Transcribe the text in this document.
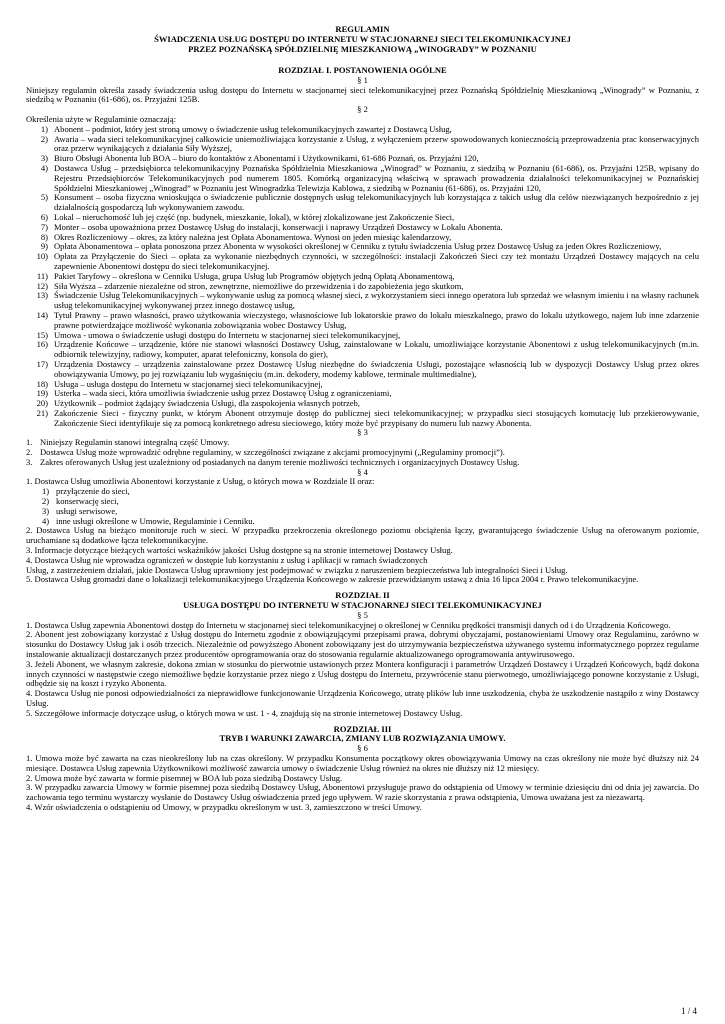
REGULAMIN
ŚWIADCZENIA USŁUG DOSTĘPU DO INTERNETU W STACJONARNEJ SIECI TELEKOMUNIKACYJNEJ
PRZEZ POZNAŃSKĄ SPÓŁDZIELNIĘ MIESZKANIOWĄ „WINOGRADY” W POZNANIU
ROZDZIAŁ I. POSTANOWIENIA OGÓLNE
§ 1
Niniejszy regulamin określa zasady świadczenia usług dostępu do Internetu w stacjonarnej sieci telekomunikacyjnej przez Poznańską Spółdzielnię Mieszkaniową „Winogrady” w Poznaniu, z siedzibą w Poznaniu (61-686), os. Przyjaźni 125B.
§ 2
Określenia użyte w Regulaminie oznaczają:
1) Abonent – podmiot, który jest stroną umowy o świadczenie usług telekomunikacyjnych zawartej z Dostawcą Usług,
2) Awaria – wada sieci telekomunikacyjnej całkowicie uniemożliwiająca korzystanie z Usług, z wyłączeniem przerw spowodowanych koniecznością przeprowadzenia prac konserwacyjnych oraz przerw wynikających z działania Siły Wyższej,
3) Biuro Obsługi Abonenta lub BOA – biuro do kontaktów z Abonentami i Użytkownikami, 61-686 Poznań, os. Przyjaźni 120,
4) Dostawca Usług – przedsiębiorca telekomunikacyjny Poznańska Spółdzielnia Mieszkaniowa „Winograd” w Poznaniu, z siedzibą w Poznaniu (61-686), os. Przyjaźni 125B, wpisany do Rejestru Przedsiębiorców Telekomunikacyjnych pod numerem 1805. Komórką organizacyjną właściwą w sprawach prowadzenia działalności telekomunikacyjnej w Poznańskiej Spółdzielni Mieszkaniowej „Winograd” w Poznaniu jest Winogradzka Telewizja Kablowa, z siedzibą w Poznaniu (61-686), os. Przyjaźni 120,
5) Konsument – osoba fizyczna wnioskująca o świadczenie publicznie dostępnych usług telekomunikacyjnych lub korzystająca z takich usług dla celów niezwiązanych bezpośrednio z jej działalnością gospodarczą lub wykonywaniem zawodu.
6) Lokal – nieruchomość lub jej część (np. budynek, mieszkanie, lokal), w której zlokalizowane jest Zakończenie Sieci,
7) Monter – osoba upoważniona przez Dostawcę Usług do instalacji, konserwacji i naprawy Urządzeń Dostawcy w Lokalu Abonenta.
8) Okres Rozliczeniowy – okres, za który należna jest Opłata Abonamentowa. Wynosi on jeden miesiąc kalendarzowy,
9) Opłata Abonamentowa – opłata ponoszona przez Abonenta w wysokości określonej w Cenniku z tytułu świadczenia Usług przez Dostawcę Usług za jeden Okres Rozliczeniowy,
10) Opłata za Przyłączenie do Sieci – opłata za wykonanie niezbędnych czynności, w szczególności: instalacji Zakończeń Sieci czy też montażu Urządzeń Dostawcy mających na celu zapewnienie Abonentowi dostępu do sieci telekomunikacyjnej.
11) Pakiet Taryfowy – określona w Cenniku Usługa, grupa Usług lub Programów objętych jedną Opłatą Abonamentową,
12) Siła Wyższa – zdarzenie niezależne od stron, zewnętrzne, niemożliwe do przewidzenia i do zapobieżenia jego skutkom,
13) Świadczenie Usług Telekomunikacyjnych – wykonywanie usług za pomocą własnej sieci, z wykorzystaniem sieci innego operatora lub sprzedaż we własnym imieniu i na własny rachunek usług telekomunikacyjnej wykonywanej przez innego dostawcę usług,
14) Tytuł Prawny – prawo własności, prawo użytkowania wieczystego, własnościowe lub lokatorskie prawo do lokalu mieszkalnego, prawo do lokalu użytkowego, najem lub inne zdarzenie prawne potwierdzające możliwość wykonania zobowiązania wobec Dostawcy Usług,
15) Umowa - umowa o świadczenie usługi dostępu do Internetu w stacjonarnej sieci telekomunikacyjnej,
16) Urządzenie Końcowe – urządzenie, które nie stanowi własności Dostawcy Usług, zainstalowane w Lokalu, umożliwiające korzystanie Abonentowi z usług telekomunikacyjnych (m.in. odbiornik telewizyjny, radiowy, komputer, aparat telefoniczny, konsola do gier),
17) Urządzenia Dostawcy – urządzenia zainstalowane przez Dostawcę Usług niezbędne do świadczenia Usługi, pozostające własnością lub w dyspozycji Dostawcy Usług przez okres obowiązywania Umowy, po jej rozwiązaniu lub wygaśnięciu (m.in. dekodery, modemy kablowe, terminale multimedialne),
18) Usługa – usługa dostępu do Internetu w stacjonarnej sieci telekomunikacyjnej,
19) Usterka – wada sieci, która umożliwia świadczenie usług przez Dostawcę Usług z ograniczeniami,
20) Użytkownik – podmiot żądający świadczenia Usługi, dla zaspokojenia własnych potrzeb,
21) Zakończenie Sieci - fizyczny punkt, w którym Abonent otrzymuje dostęp do publicznej sieci telekomunikacyjnej; w przypadku sieci stosujących komutację lub przekierowywanie, Zakończenie Sieci identyfikuje się za pomocą konkretnego adresu sieciowego, który może być przypisany do numeru lub nazwy Abonenta.
§ 3
1. Niniejszy Regulamin stanowi integralną część Umowy.
2. Dostawca Usług może wprowadzić odrębne regulaminy, w szczególności związane z akcjami promocyjnymi („Regulaminy promocji”).
3. Zakres oferowanych Usług jest uzależniony od posiadanych na danym terenie możliwości technicznych i organizacyjnych Dostawcy Usług.
§ 4
1. Dostawca Usług umożliwia Abonentowi korzystanie z Usług, o których mowa w Rozdziale II oraz:
1) przyłączenie do sieci,
2) konserwację sieci,
3) usługi serwisowe,
4) inne usługi określone w Umowie, Regulaminie i Cenniku.
2. Dostawca Usług na bieżąco monitoruje ruch w sieci. W przypadku przekroczenia określonego poziomu obciążenia łączy, gwarantującego świadczenie Usług na oferowanym poziomie, uruchamiane są dodatkowe łącza telekomunikacyjne.
3. Informacje dotyczące bieżących wartości wskaźników jakości Usług dostępne są na stronie internetowej Dostawcy Usług.
4. Dostawca Usług nie wprowadza ograniczeń w dostępie lub korzystaniu z usług i aplikacji w ramach świadczonych
Usług, z zastrzeżeniem działań, jakie Dostawca Usług uprawniony jest podejmować w związku z naruszeniem bezpieczeństwa lub integralności Sieci i Usług.
5. Dostawca Usług gromadzi dane o lokalizacji telekomunikacyjnego Urządzenia Końcowego w zakresie przewidzianym ustawą z dnia 16 lipca 2004 r. Prawo telekomunikacyjne.
ROZDZIAŁ II
USŁUGA DOSTĘPU DO INTERNETU W STACJONARNEJ SIECI TELEKOMUNIKACYJNEJ
§ 5
1. Dostawca Usług zapewnia Abonentowi dostęp do Internetu w stacjonarnej sieci telekomunikacyjnej o określonej w Cenniku prędkości transmisji danych od i do Urządzenia Końcowego.
2. Abonent jest zobowiązany korzystać z Usług dostępu do Internetu zgodnie z obowiązującymi przepisami prawa, dobrymi obyczajami, postanowieniami Umowy oraz Regulaminu, zarówno w stosunku do Dostawcy Usług jak i osób trzecich. Niezależnie od powyższego Abonent zobowiązany jest do utrzymywania bezpieczeństwa używanego systemu informatycznego poprzez regularne instalowanie aktualizacji dostarczanych przez producentów oprogramowania oraz do stosowania regularnie aktualizowanego oprogramowania antywirusowego.
3. Jeżeli Abonent, we własnym zakresie, dokona zmian w stosunku do pierwotnie ustawionych przez Montera konfiguracji i parametrów Urządzeń Dostawcy i Urządzeń Końcowych, bądź dokona innych czynności w następstwie czego niemożliwe będzie korzystanie przez niego z Usług dostępu do Internetu, przywrócenie stanu pierwotnego, umożliwiającego ponowne korzystanie z Usługi, odbędzie się na koszt i ryzyko Abonenta.
4. Dostawca Usług nie ponosi odpowiedzialności za nieprawidłowe funkcjonowanie Urządzenia Końcowego, utratę plików lub inne uszkodzenia, chyba że uszkodzenie nastąpiło z winy Dostawcy Usług.
5. Szczegółowe informacje dotyczące usług, o których mowa w ust. 1 - 4, znajdują się na stronie internetowej Dostawcy Usług.
ROZDZIAŁ III
TRYB I WARUNKI ZAWARCIA, ZMIANY LUB ROZWIĄZANIA UMOWY.
§ 6
1. Umowa może być zawarta na czas nieokreślony lub na czas określony. W przypadku Konsumenta początkowy okres obowiązywania Umowy na czas określony nie może być dłuższy niż 24 miesiące. Dostawca Usług zapewnia Użytkownikowi możliwość zawarcia umowy o świadczenie Usług również na okres nie dłuższy niż 12 miesięcy.
2. Umowa może być zawarta w formie pisemnej w BOA lub poza siedzibą Dostawcy Usług.
3. W przypadku zawarcia Umowy w formie pisemnej poza siedzibą Dostawcy Usług, Abonentowi przysługuje prawo do odstąpienia od Umowy w terminie dziesięciu dni od dnia jej zawarcia. Do zachowania tego terminu wystarczy wysłanie do Dostawcy Usług oświadczenia przed jego upływem. W razie skorzystania z prawa odstąpienia, Umowa uważana jest za niezawartą.
4. Wzór oświadczenia o odstąpieniu od Umowy, w przypadku określonym w ust. 3, zamieszczono w treści Umowy.
1 / 4
